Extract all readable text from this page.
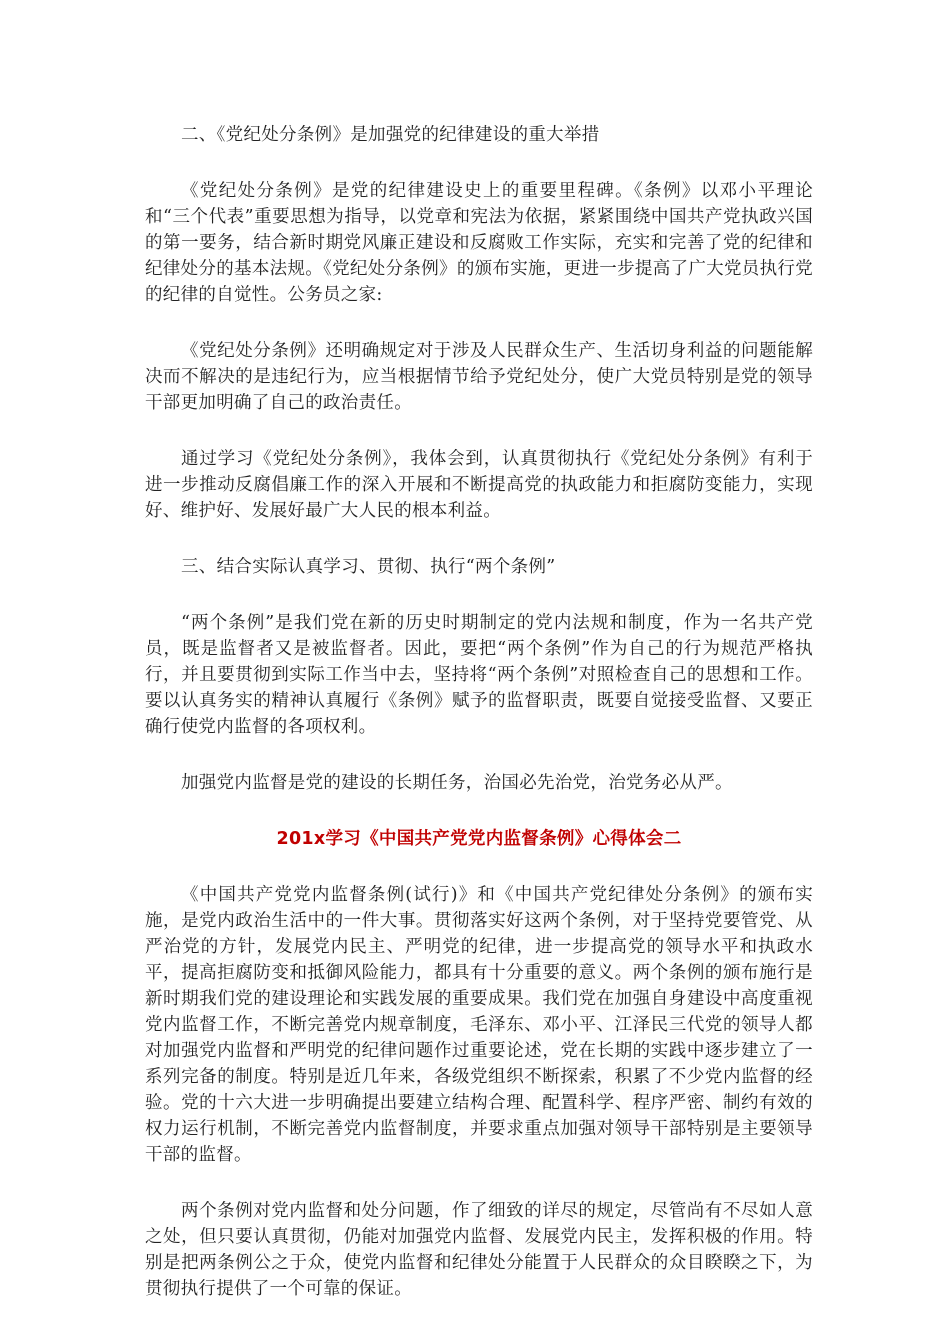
二、《党纪处分条例》是加强党的纪律建设的重大举措

《党纪处分条例》是党的纪律建设史上的重要里程碑。《条例》以邓小平理论和“三个代表”重要思想为指导，以党章和宪法为依据，紧紧围绕中国共产党执政兴国的第一要务，结合新时期党风廉正建设和反腐败工作实际，充实和完善了党的纪律和纪律处分的基本法规。《党纪处分条例》的颁布实施，更进一步提高了广大党员执行党的纪律的自觉性。公务员之家:

《党纪处分条例》还明确规定对于涉及人民群众生产、生活切身利益的问题能解决而不解决的是违纪行为，应当根据情节给予党纪处分，使广大党员特别是党的领导干部更加明确了自己的政治责任。

通过学习《党纪处分条例》，我体会到，认真贯彻执行《党纪处分条例》有利于进一步推动反腐倡廉工作的深入开展和不断提高党的执政能力和拒腐防变能力，实现好、维护好、发展好最广大人民的根本利益。

三、结合实际认真学习、贯彻、执行“两个条例”

“两个条例”是我们党在新的历史时期制定的党内法规和制度，作为一名共产党员，既是监督者又是被监督者。因此，要把“两个条例”作为自己的行为规范严格执行，并且要贯彻到实际工作当中去，坚持将“两个条例”对照检查自己的思想和工作。要以认真务实的精神认真履行《条例》赋予的监督职责，既要自觉接受监督、又要正确行使党内监督的各项权利。

加强党内监督是党的建设的长期任务，治国必先治党，治党务必从严。

201x学习《中国共产党党内监督条例》心得体会二

《中国共产党党内监督条例(试行)》和《中国共产党纪律处分条例》的颁布实施，是党内政治生活中的一件大事。贯彻落实好这两个条例，对于坚持党要管党、从严治党的方针，发展党内民主、严明党的纪律，进一步提高党的领导水平和执政水平，提高拒腐防变和抵御风险能力，都具有十分重要的意义。两个条例的颁布施行是新时期我们党的建设理论和实践发展的重要成果。我们党在加强自身建设中高度重视党内监督工作，不断完善党内规章制度，毛泽东、邓小平、江泽民三代党的领导人都对加强党内监督和严明党的纪律问题作过重要论述，党在长期的实践中逐步建立了一系列完备的制度。特别是近几年来，各级党组织不断探索，积累了不少党内监督的经验。党的十六大进一步明确提出要建立结构合理、配置科学、程序严密、制约有效的权力运行机制，不断完善党内监督制度，并要求重点加强对领导干部特别是主要领导干部的监督。

两个条例对党内监督和处分问题，作了细致的详尽的规定，尽管尚有不尽如人意之处，但只要认真贯彻，仍能对加强党内监督、发展党内民主，发挥积极的作用。特别是把两条例公之于众，使党内监督和纪律处分能置于人民群众的众目睽睽之下，为贯彻执行提供了一个可靠的保证。
